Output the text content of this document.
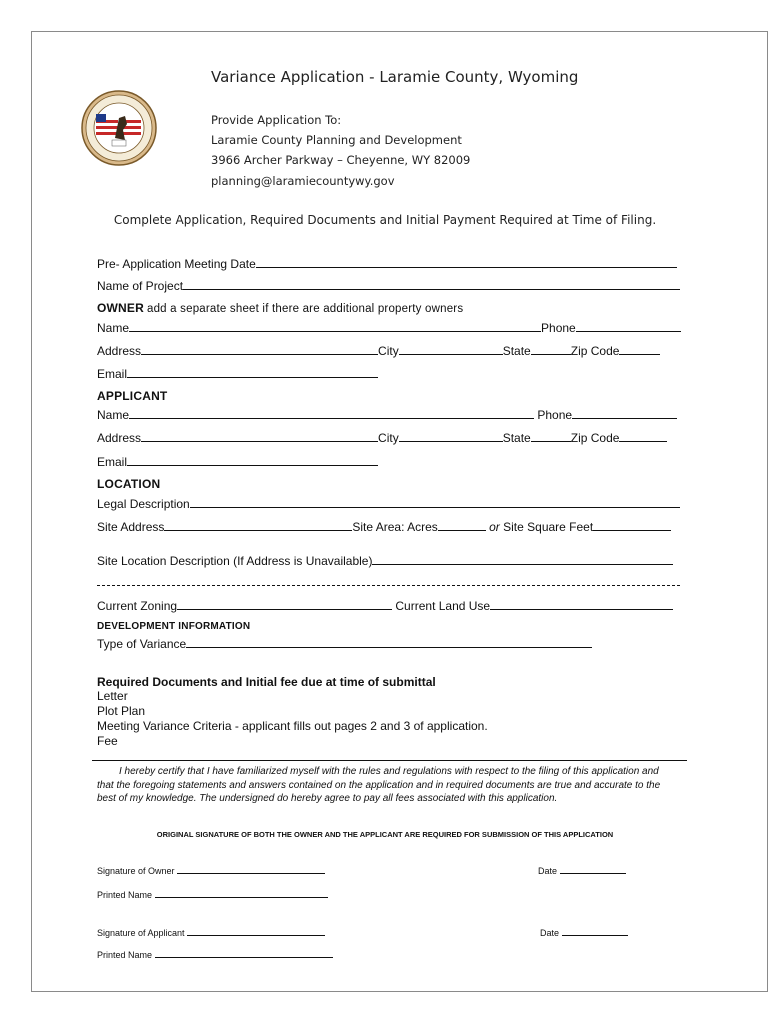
Variance Application - Laramie County, Wyoming
Provide Application To:
Laramie County Planning and Development
3966 Archer Parkway – Cheyenne, WY 82009
planning@laramiecountywy.gov
Complete Application, Required Documents and Initial Payment Required at Time of Filing.
Pre- Application Meeting Date
Name of Project
OWNER add a separate sheet if there are additional property owners
Name	Phone
Address	City	State	Zip Code
Email
APPLICANT
Name	Phone
Address	City	State	Zip Code
Email
LOCATION
Legal Description
Site Address	Site Area: Acres	or Site Square Feet
Site Location Description (If Address is Unavailable)
Current Zoning	Current Land Use
DEVELOPMENT INFORMATION
Type of Variance
Required Documents and Initial fee due at time of submittal
Letter
Plot Plan
Meeting Variance Criteria - applicant fills out pages 2 and 3 of application.
Fee
I hereby certify that I have familiarized myself with the rules and regulations with respect to the filing of this application and that the foregoing statements and answers contained on the application and in required documents are true and accurate to the best of my knowledge. The undersigned do hereby agree to pay all fees associated with this application.
ORIGINAL SIGNATURE OF BOTH THE OWNER AND THE APPLICANT ARE REQUIRED FOR SUBMISSION OF THIS APPLICATION
Signature of Owner	Date
Printed Name
Signature of Applicant	Date
Printed Name
